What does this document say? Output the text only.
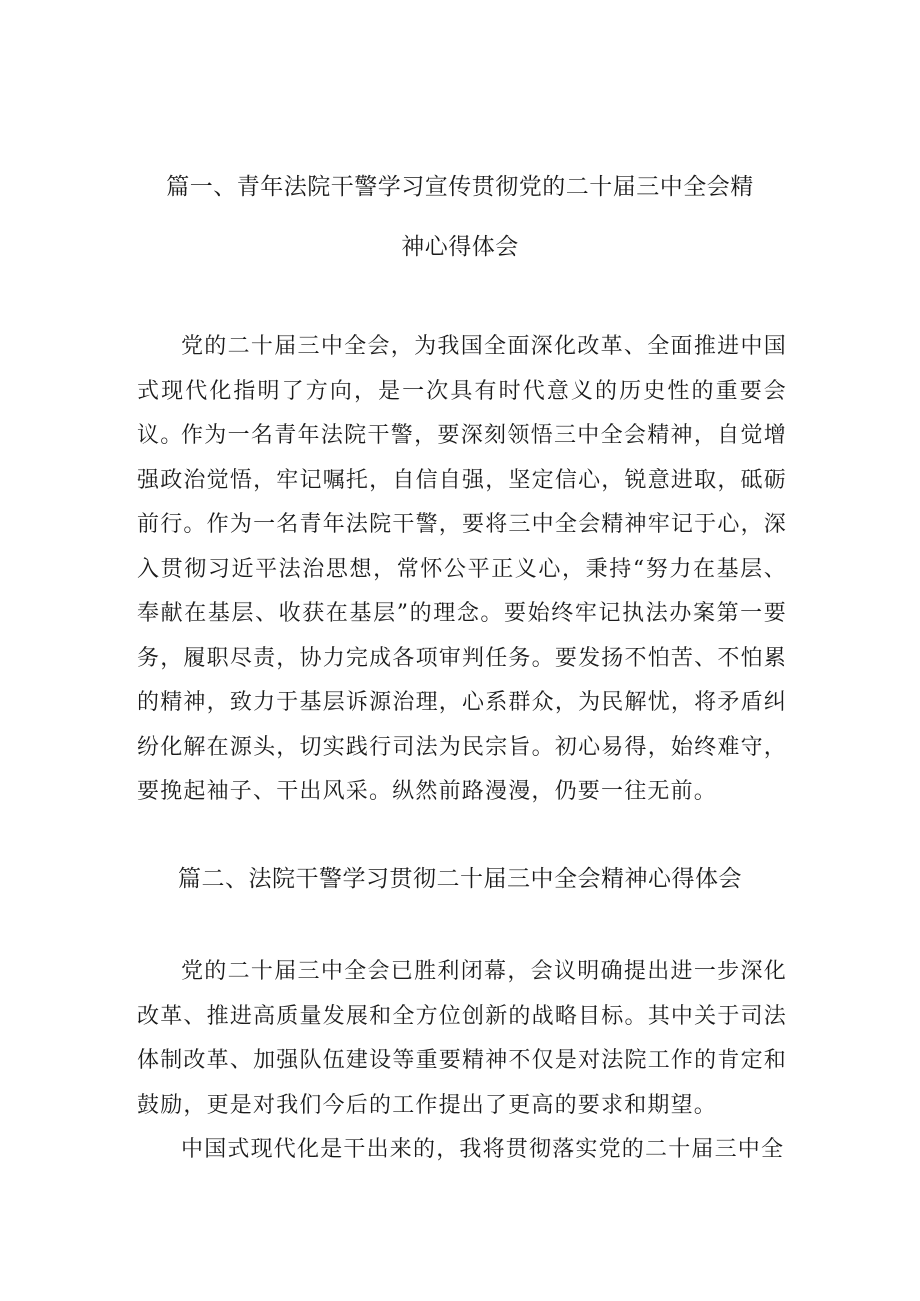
篇一、青年法院干警学习宣传贯彻党的二十届三中全会精
神心得体会

党的二十届三中全会，为我国全面深化改革、全面推进中国式现代化指明了方向，是一次具有时代意义的历史性的重要会议。

作为一名青年法院干警，要深刻领悟三中全会精神，自觉增强政治觉悟，牢记嘱托，自信自强，坚定信心，锐意进取，砥砺前行。作为一名青年法院干警，要将三中全会精神牢记于心，深入贯彻习近平法治思想，常怀公平正义心，秉持“努力在基层、奉献在基层、收获在基层”的理念。要始终牢记执法办案第一要务，履职尽责，协力完成各项审判任务。要发扬不怕苦、不怕累的精神，致力于基层诉源治理，心系群众，为民解忧，将矛盾纠纷化解在源头，切实践行司法为民宗旨。初心易得，始终难守，要挽起袖子、干出风采。纵然前路漫漫，仍要一往无前。

篇二、法院干警学习贯彻二十届三中全会精神心得体会

党的二十届三中全会已胜利闭幕，会议明确提出进一步深化改革、推进高质量发展和全方位创新的战略目标。其中关于司法体制改革、加强队伍建设等重要精神不仅是对法院工作的肯定和鼓励，更是对我们今后的工作提出了更高的要求和期望。

中国式现代化是干出来的，我将贯彻落实党的二十届三中全
